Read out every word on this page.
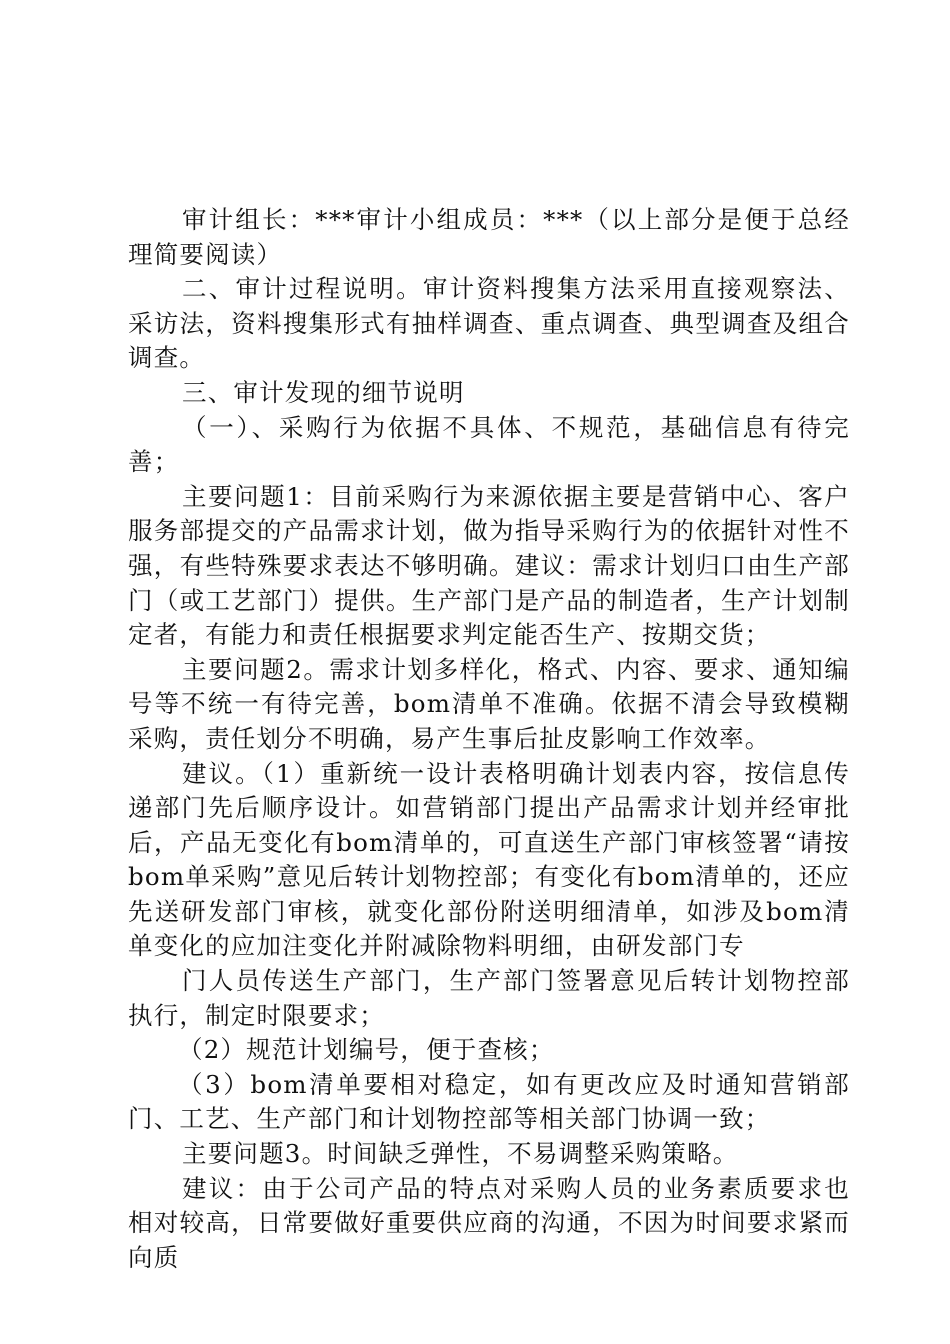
审计组长：***审计小组成员：***（以上部分是便于总经理简要阅读）

二、审计过程说明。审计资料搜集方法采用直接观察法、采访法，资料搜集形式有抽样调查、重点调查、典型调查及组合调查。

三、审计发现的细节说明

（一）、采购行为依据不具体、不规范，基础信息有待完善；

主要问题1：目前采购行为来源依据主要是营销中心、客户服务部提交的产品需求计划，做为指导采购行为的依据针对性不强，有些特殊要求表达不够明确。建议：需求计划归口由生产部门（或工艺部门）提供。生产部门是产品的制造者，生产计划制定者，有能力和责任根据要求判定能否生产、按期交货；

主要问题2。需求计划多样化，格式、内容、要求、通知编号等不统一有待完善，bom清单不准确。依据不清会导致模糊采购，责任划分不明确，易产生事后扯皮影响工作效率。

建议。（1）重新统一设计表格明确计划表内容，按信息传递部门先后顺序设计。如营销部门提出产品需求计划并经审批后，产品无变化有bom清单的，可直送生产部门审核签署“请按bom单采购”意见后转计划物控部；有变化有bom清单的，还应先送研发部门审核，就变化部份附送明细清单，如涉及bom清单变化的应加注变化并附减除物料明细，由研发部门专

门人员传送生产部门，生产部门签署意见后转计划物控部执行，制定时限要求；

（2）规范计划编号，便于查核；

（3）bom清单要相对稳定，如有更改应及时通知营销部门、工艺、生产部门和计划物控部等相关部门协调一致；

主要问题3。时间缺乏弹性，不易调整采购策略。

建议：由于公司产品的特点对采购人员的业务素质要求也相对较高，日常要做好重要供应商的沟通，不因为时间要求紧而向质
